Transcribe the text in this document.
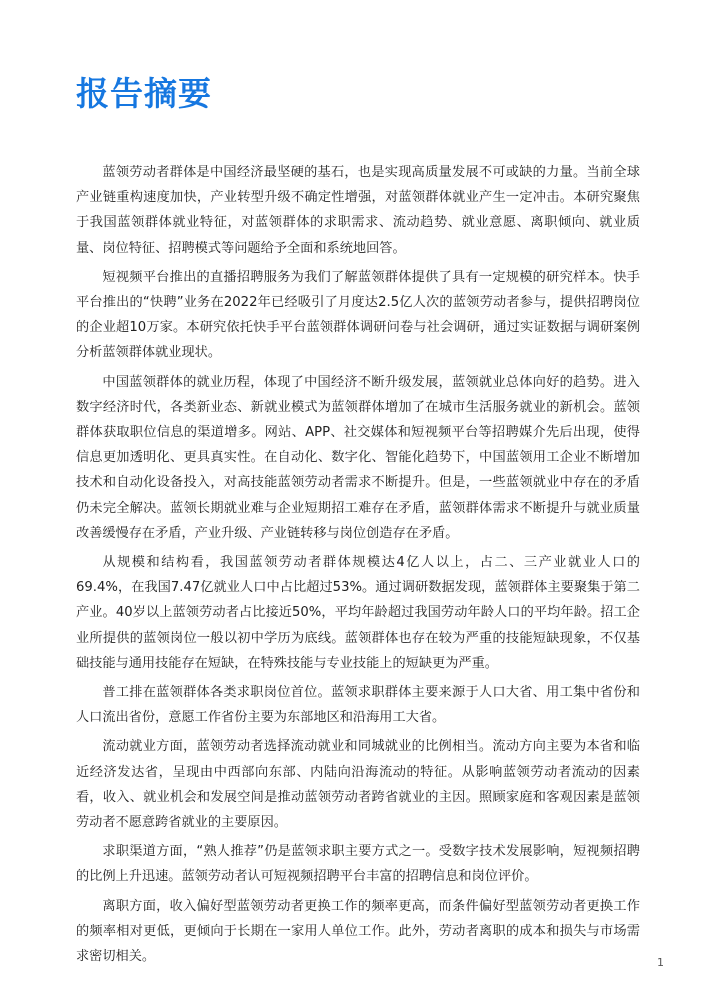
报告摘要

蓝领劳动者群体是中国经济最坚硬的基石，也是实现高质量发展不可或缺的力量。当前全球产业链重构速度加快，产业转型升级不确定性增强，对蓝领群体就业产生一定冲击。本研究聚焦于我国蓝领群体就业特征，对蓝领群体的求职需求、流动趋势、就业意愿、离职倾向、就业质量、岗位特征、招聘模式等问题给予全面和系统地回答。

短视频平台推出的直播招聘服务为我们了解蓝领群体提供了具有一定规模的研究样本。快手平台推出的“快聘”业务在2022年已经吸引了月度达2.5亿人次的蓝领劳动者参与，提供招聘岗位的企业超10万家。本研究依托快手平台蓝领群体调研问卷与社会调研，通过实证数据与调研案例分析蓝领群体就业现状。

中国蓝领群体的就业历程，体现了中国经济不断升级发展，蓝领就业总体向好的趋势。进入数字经济时代，各类新业态、新就业模式为蓝领群体增加了在城市生活服务就业的新机会。蓝领群体获取职位信息的渠道增多。网站、APP、社交媒体和短视频平台等招聘媒介先后出现，使得信息更加透明化、更具真实性。在自动化、数字化、智能化趋势下，中国蓝领用工企业不断增加技术和自动化设备投入，对高技能蓝领劳动者需求不断提升。但是，一些蓝领就业中存在的矛盾仍未完全解决。蓝领长期就业难与企业短期招工难存在矛盾，蓝领群体需求不断提升与就业质量改善缓慢存在矛盾，产业升级、产业链转移与岗位创造存在矛盾。

从规模和结构看，我国蓝领劳动者群体规模达4亿人以上，占二、三产业就业人口的69.4%，在我国7.47亿就业人口中占比超过53%。通过调研数据发现，蓝领群体主要聚集于第二产业。40岁以上蓝领劳动者占比接近50%，平均年龄超过我国劳动年龄人口的平均年龄。招工企业所提供的蓝领岗位一般以初中学历为底线。蓝领群体也存在较为严重的技能短缺现象，不仅基础技能与通用技能存在短缺，在特殊技能与专业技能上的短缺更为严重。

普工排在蓝领群体各类求职岗位首位。蓝领求职群体主要来源于人口大省、用工集中省份和人口流出省份，意愿工作省份主要为东部地区和沿海用工大省。

流动就业方面，蓝领劳动者选择流动就业和同城就业的比例相当。流动方向主要为本省和临近经济发达省，呈现由中西部向东部、内陆向沿海流动的特征。从影响蓝领劳动者流动的因素看，收入、就业机会和发展空间是推动蓝领劳动者跨省就业的主因。照顾家庭和客观因素是蓝领劳动者不愿意跨省就业的主要原因。

求职渠道方面，“熟人推荐”仍是蓝领求职主要方式之一。受数字技术发展影响，短视频招聘的比例上升迅速。蓝领劳动者认可短视频招聘平台丰富的招聘信息和岗位评价。

离职方面，收入偏好型蓝领劳动者更换工作的频率更高，而条件偏好型蓝领劳动者更换工作的频率相对更低，更倾向于长期在一家用人单位工作。此外，劳动者离职的成本和损失与市场需求密切相关。	1
